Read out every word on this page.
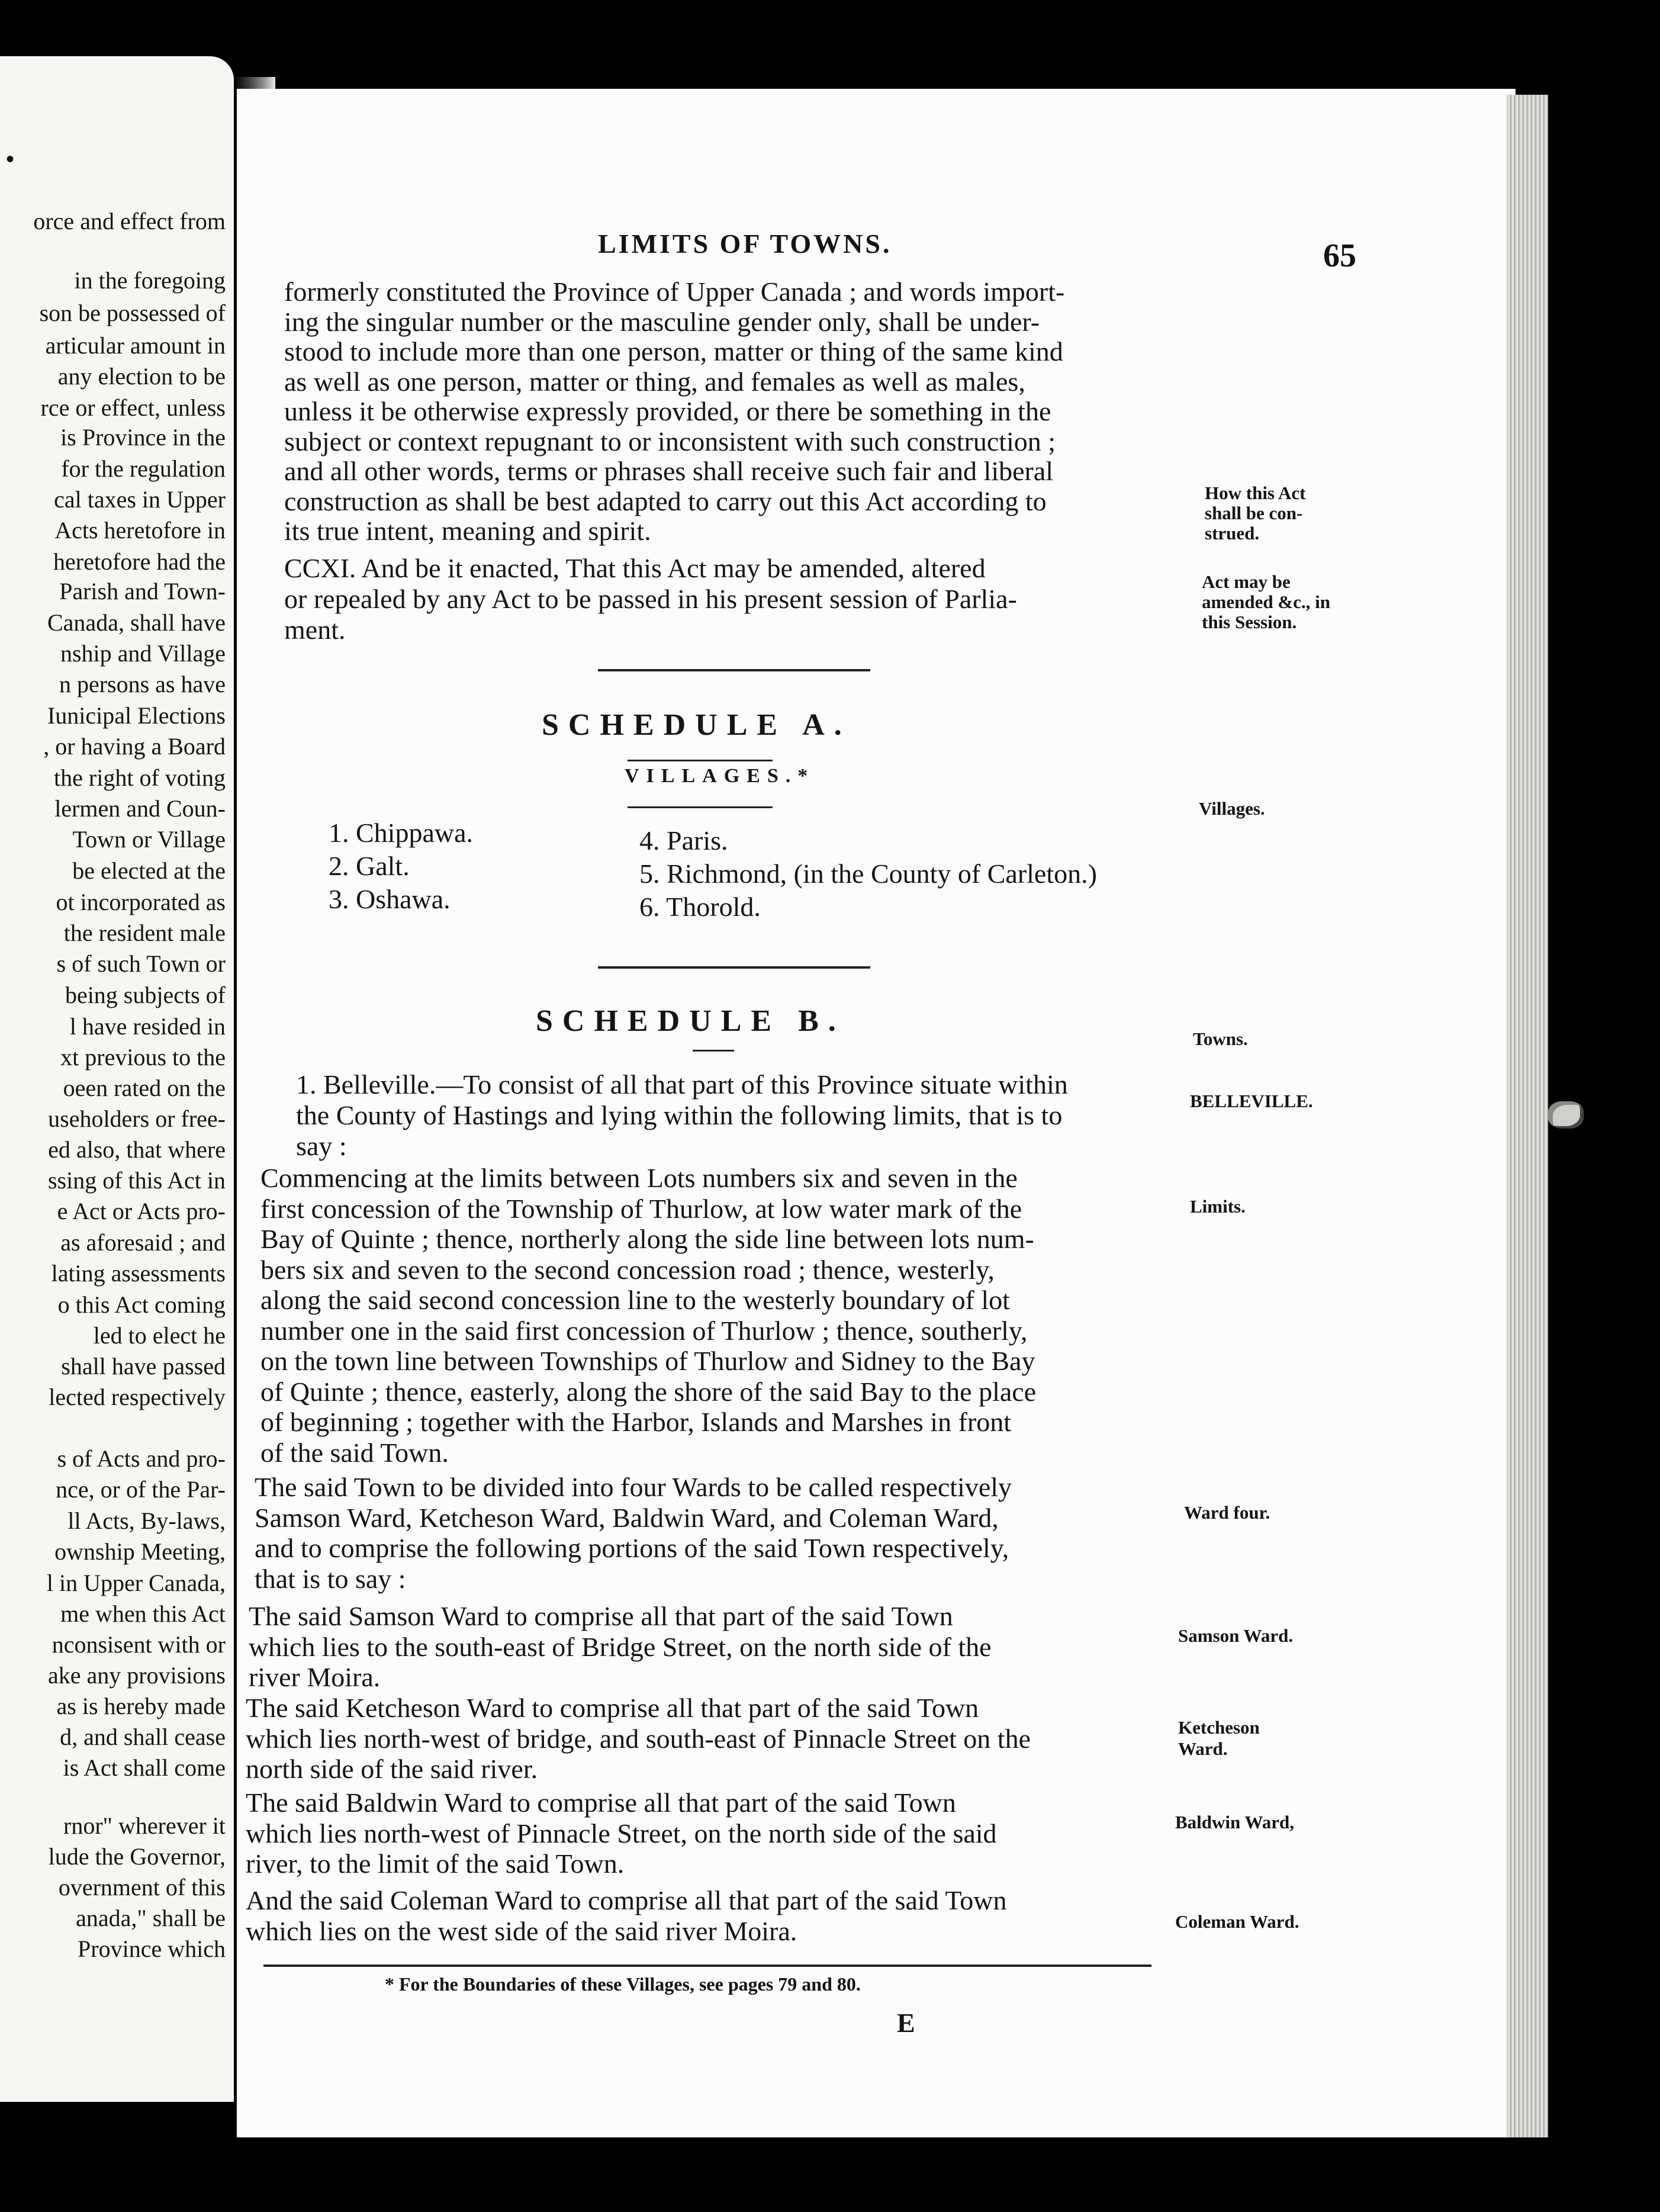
•
orce and effect from
in the foregoing
son be possessed of
articular amount in
any election to be
rce or effect, unless
is Province in the
for the regulation
cal taxes in Upper
Acts heretofore in
heretofore had the
Parish and Town-
Canada, shall have
nship and Village
n persons as have
Iunicipal Elections
, or having a Board
the right of voting
lermen and Coun-
Town or Village
be elected at the
ot incorporated as
the resident male
s of such Town or
being subjects of
l have resided in
xt previous to the
oeen rated on the
useholders or free-
ed also, that where
ssing of this Act in
e Act or Acts pro-
as aforesaid ; and
lating assessments
o this Act coming
led to elect he
shall have passed
lected respectively
s of Acts and pro-
nce, or of the Par-
ll Acts, By-laws,
ownship Meeting,
l in Upper Canada,
me when this Act
nconsisent with or
ake any provisions
as is hereby made
d, and shall cease
is Act shall come
rnor" wherever it
lude the Governor,
overnment of this
anada," shall be
Province which
LIMITS OF TOWNS.	65
formerly constituted the Province of Upper Canada ; and words import-
ing the singular number or the masculine gender only, shall be under-
stood to include more than one person, matter or thing of the same kind
as well as one person, matter or thing, and females as well as males,
unless it be otherwise expressly provided, or there be something in the
subject or context repugnant to or inconsistent with such construction ;
and all other words, terms or phrases shall receive such fair and liberal
construction as shall be best adapted to carry out this Act according to
its true intent, meaning and spirit.
CCXI. And be it enacted, That this Act may be amended, altered
or repealed by any Act to be passed in his present session of Parlia-
ment.
How this Act
shall be con-
strued.
Act may be
amended &c., in
this Session.
Villages.
Towns.
BELLEVILLE.
Limits.
Ward four.
Samson Ward.
Ketcheson
Ward.
Baldwin Ward,
Coleman Ward.
SCHEDULE A.
VILLAGES.*
1. Chippawa.
2. Galt.
3. Oshawa.
4. Paris.
5. Richmond, (in the County of Carleton.)
6. Thorold.
SCHEDULE B.
1. Belleville.—To consist of all that part of this Province situate within
the County of Hastings and lying within the following limits, that is to
say :
Commencing at the limits between Lots numbers six and seven in the
first concession of the Township of Thurlow, at low water mark of the
Bay of Quinte ; thence, northerly along the side line between lots num-
bers six and seven to the second concession road ; thence, westerly,
along the said second concession line to the westerly boundary of lot
number one in the said first concession of Thurlow ; thence, southerly,
on the town line between Townships of Thurlow and Sidney to the Bay
of Quinte ; thence, easterly, along the shore of the said Bay to the place
of beginning ; together with the Harbor, Islands and Marshes in front
of the said Town.
The said Town to be divided into four Wards to be called respectively
Samson Ward, Ketcheson Ward, Baldwin Ward, and Coleman Ward,
and to comprise the following portions of the said Town respectively,
that is to say :
The said Samson Ward to comprise all that part of the said Town
which lies to the south-east of Bridge Street, on the north side of the
river Moira.
The said Ketcheson Ward to comprise all that part of the said Town
which lies north-west of bridge, and south-east of Pinnacle Street on the
north side of the said river.
The said Baldwin Ward to comprise all that part of the said Town
which lies north-west of Pinnacle Street, on the north side of the said
river, to the limit of the said Town.
And the said Coleman Ward to comprise all that part of the said Town
which lies on the west side of the said river Moira.
* For the Boundaries of these Villages, see pages 79 and 80.
E
